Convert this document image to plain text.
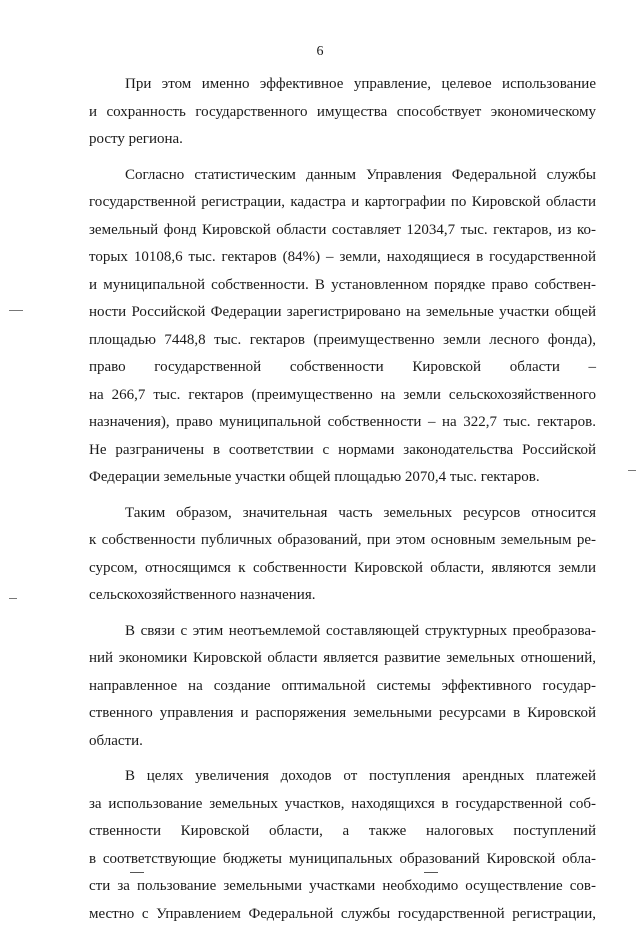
6
При этом именно эффективное управление, целевое использование
и сохранность государственного имущества способствует экономическому
росту региона.
Согласно статистическим данным Управления Федеральной службы
государственной регистрации, кадастра и картографии по Кировской области
земельный фонд Кировской области составляет 12034,7 тыс. гектаров, из ко-
торых 10108,6 тыс. гектаров (84%) – земли, находящиеся в государственной
и муниципальной собственности. В установленном порядке право собствен-
ности Российской Федерации зарегистрировано на земельные участки общей
площадью 7448,8 тыс. гектаров (преимущественно земли лесного фонда),
право государственной собственности Кировской области –
на 266,7 тыс. гектаров (преимущественно на земли сельскохозяйственного
назначения), право муниципальной собственности – на 322,7 тыс. гектаров.
Не разграничены в соответствии с нормами законодательства Российской
Федерации земельные участки общей площадью 2070,4 тыс. гектаров.
Таким образом, значительная часть земельных ресурсов относится
к собственности публичных образований, при этом основным земельным ре-
сурсом, относящимся к собственности Кировской области, являются земли
сельскохозяйственного назначения.
В связи с этим неотъемлемой составляющей структурных преобразова-
ний экономики Кировской области является развитие земельных отношений,
направленное на создание оптимальной системы эффективного государ-
ственного управления и распоряжения земельными ресурсами в Кировской
области.
В целях увеличения доходов от поступления арендных платежей
за использование земельных участков, находящихся в государственной соб-
ственности Кировской области, а также налоговых поступлений
в соответствующие бюджеты муниципальных образований Кировской обла-
сти за пользование земельными участками необходимо осуществление сов-
местно с Управлением Федеральной службы государственной регистрации,
